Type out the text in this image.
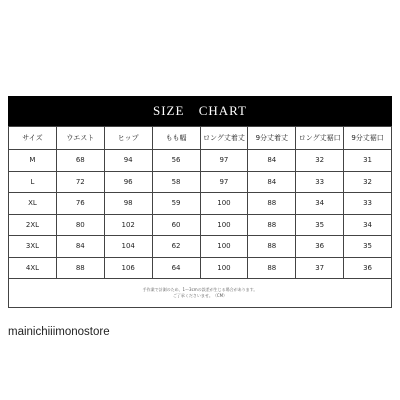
SIZE CHART
サイズ	ウエスト	ヒップ	もも幅	ロング丈着丈	9分丈着丈	ロング丈裾口	9分丈裾口
M	68	94	56	97	84	32	31
L	72	96	58	97	84	33	32
XL	76	98	59	100	88	34	33
2XL	80	102	60	100	88	35	34
3XL	84	104	62	100	88	36	35
4XL	88	106	64	100	88	37	36
手作業で計測のため、1～3cmの誤差が生じる場合があります。
ご了承くださいませ。（CM）
mainichiiimonostore
